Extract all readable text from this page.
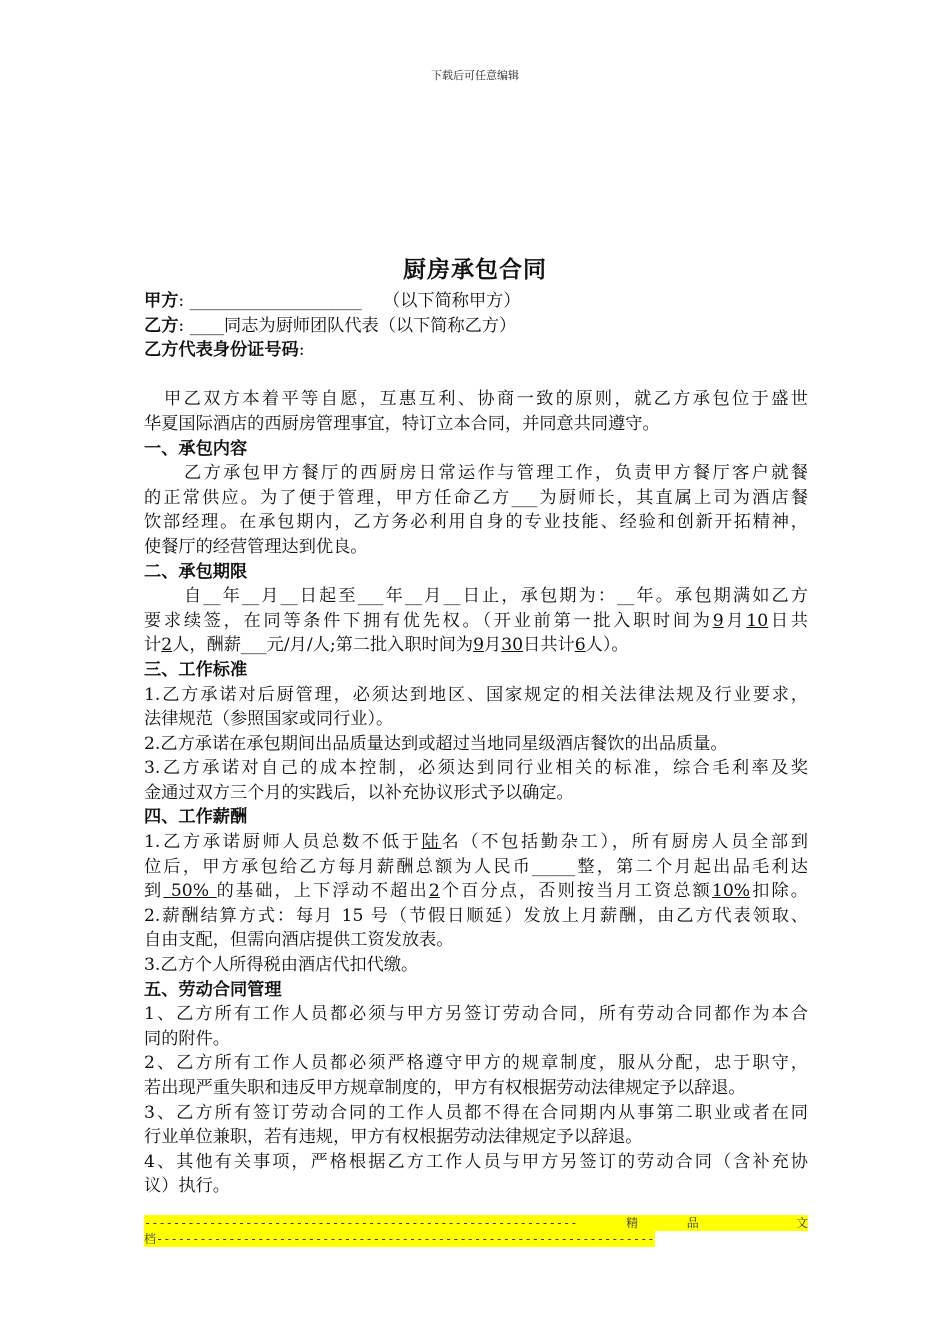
下载后可任意编辑
厨房承包合同
甲方: ____________________ （以下简称甲方）
乙方: ____同志为厨师团队代表（以下简称乙方）
乙方代表身份证号码:
甲乙双方本着平等自愿，互惠互利、协商一致的原则，就乙方承包位于盛世
华夏国际酒店的西厨房管理事宜，特订立本合同，并同意共同遵守。
一、承包内容
乙方承包甲方餐厅的西厨房日常运作与管理工作，负责甲方餐厅客户就餐
的正常供应。为了便于管理，甲方任命乙方___为厨师长，其直属上司为酒店餐
饮部经理。在承包期内，乙方务必利用自身的专业技能、经验和创新开拓精神，
使餐厅的经营管理达到优良。
二、承包期限
自__年__月__日起至___年__月__日止，承包期为：__年。承包期满如乙方
要求续签，在同等条件下拥有优先权。（开业前第一批入职时间为9月10日共
计2人，酬薪___元/月/人;第二批入职时间为9月30日共计6人）。
三、工作标准
1.乙方承诺对后厨管理，必须达到地区、国家规定的相关法律法规及行业要求，
法律规范（参照国家或同行业）。
2.乙方承诺在承包期间出品质量达到或超过当地同星级酒店餐饮的出品质量。
3.乙方承诺对自己的成本控制，必须达到同行业相关的标准，综合毛利率及奖
金通过双方三个月的实践后，以补充协议形式予以确定。
四、工作薪酬
1.乙方承诺厨师人员总数不低于陆名（不包括勤杂工），所有厨房人员全部到
位后，甲方承包给乙方每月薪酬总额为人民币_____整，第二个月起出品毛利达
到 50% 的基础，上下浮动不超出2个百分点，否则按当月工资总额10%扣除。
2.薪酬结算方式：每月 15 号（节假日顺延）发放上月薪酬，由乙方代表领取、
自由支配，但需向酒店提供工资发放表。
3.乙方个人所得税由酒店代扣代缴。
五、劳动合同管理
1、乙方所有工作人员都必须与甲方另签订劳动合同，所有劳动合同都作为本合
同的附件。
2、乙方所有工作人员都必须严格遵守甲方的规章制度，服从分配，忠于职守，
若出现严重失职和违反甲方规章制度的，甲方有权根据劳动法律规定予以辞退。
3、乙方所有签订劳动合同的工作人员都不得在合同期内从事第二职业或者在同
行业单位兼职，若有违规，甲方有权根据劳动法律规定予以辞退。
4、其他有关事项，严格根据乙方工作人员与甲方另签订的劳动合同（含补充协
议）执行。
------------------------------------------------------------	精	品	文
档---------------------------------------------------------------------
